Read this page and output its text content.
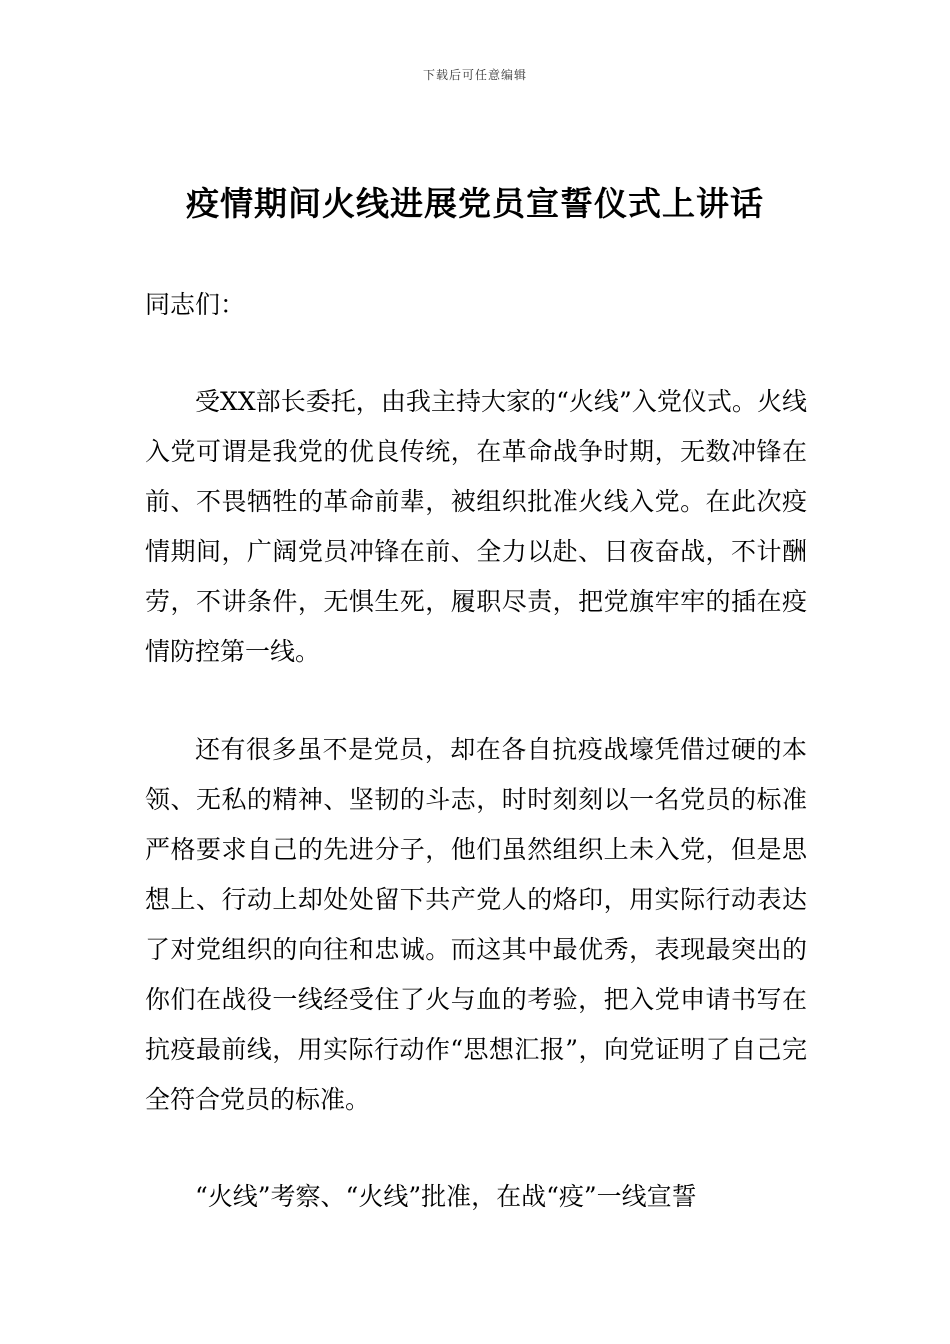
下载后可任意编辑
疫情期间火线进展党员宣誓仪式上讲话

同志们：

受XX部长委托，由我主持大家的“火线”入党仪式。火线入党可谓是我党的优良传统，在革命战争时期，无数冲锋在前、不畏牺牲的革命前辈，被组织批准火线入党。在此次疫情期间，广阔党员冲锋在前、全力以赴、日夜奋战，不计酬劳，不讲条件，无惧生死，履职尽责，把党旗牢牢的插在疫情防控第一线。

还有很多虽不是党员，却在各自抗疫战壕凭借过硬的本领、无私的精神、坚韧的斗志，时时刻刻以一名党员的标准严格要求自己的先进分子，他们虽然组织上未入党，但是思想上、行动上却处处留下共产党人的烙印，用实际行动表达了对党组织的向往和忠诚。而这其中最优秀，表现最突出的你们在战役一线经受住了火与血的考验，把入党申请书写在抗疫最前线，用实际行动作“思想汇报”，向党证明了自己完全符合党员的标准。

“火线”考察、“火线”批准，在战“疫”一线宣誓
